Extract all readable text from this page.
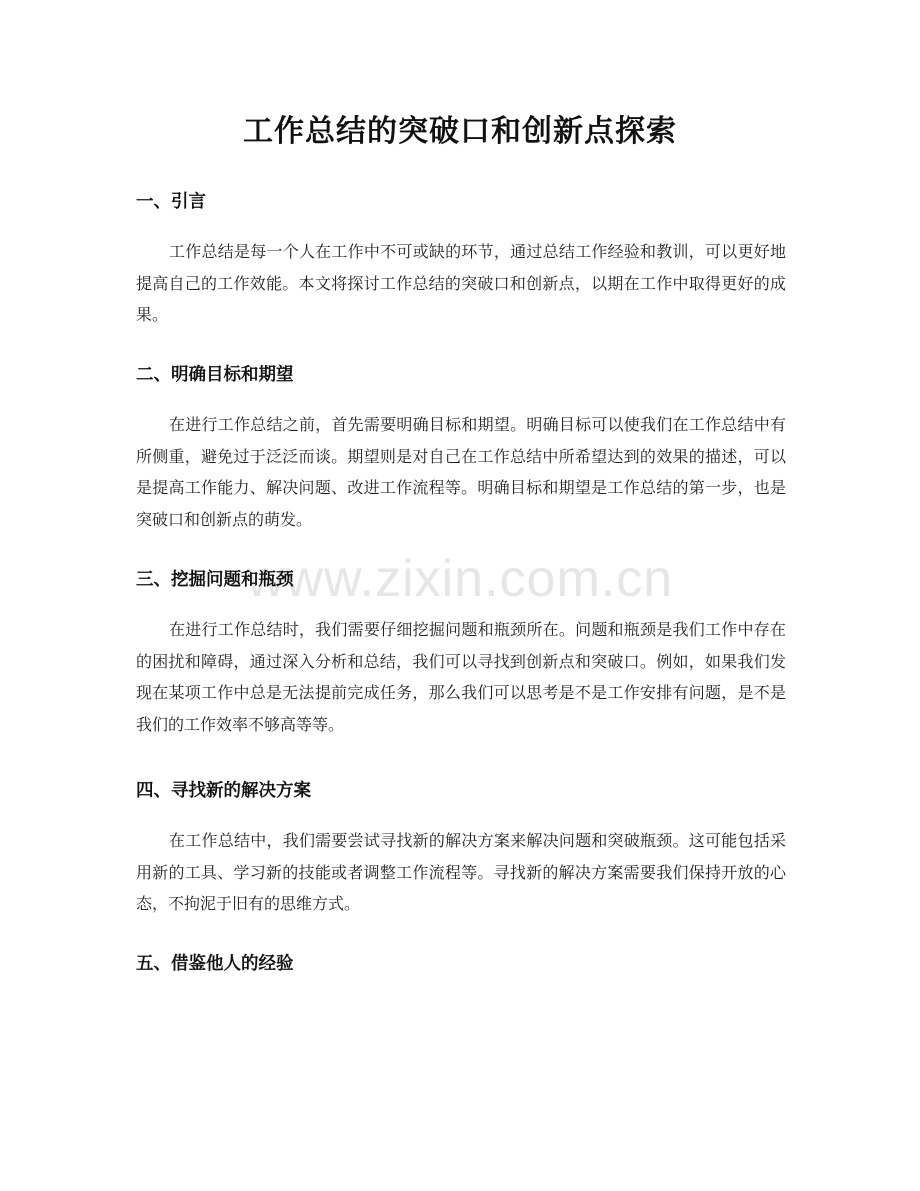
www.zixin.com.cn
工作总结的突破口和创新点探索
一、引言

工作总结是每一个人在工作中不可或缺的环节，通过总结工作经验和教训，可以更好地提高自己的工作效能。本文将探讨工作总结的突破口和创新点，以期在工作中取得更好的成果。

二、明确目标和期望

在进行工作总结之前，首先需要明确目标和期望。明确目标可以使我们在工作总结中有所侧重，避免过于泛泛而谈。期望则是对自己在工作总结中所希望达到的效果的描述，可以是提高工作能力、解决问题、改进工作流程等。明确目标和期望是工作总结的第一步，也是突破口和创新点的萌发。

三、挖掘问题和瓶颈

在进行工作总结时，我们需要仔细挖掘问题和瓶颈所在。问题和瓶颈是我们工作中存在的困扰和障碍，通过深入分析和总结，我们可以寻找到创新点和突破口。例如，如果我们发现在某项工作中总是无法提前完成任务，那么我们可以思考是不是工作安排有问题，是不是我们的工作效率不够高等等。

四、寻找新的解决方案

在工作总结中，我们需要尝试寻找新的解决方案来解决问题和突破瓶颈。这可能包括采用新的工具、学习新的技能或者调整工作流程等。寻找新的解决方案需要我们保持开放的心态，不拘泥于旧有的思维方式。

五、借鉴他人的经验
